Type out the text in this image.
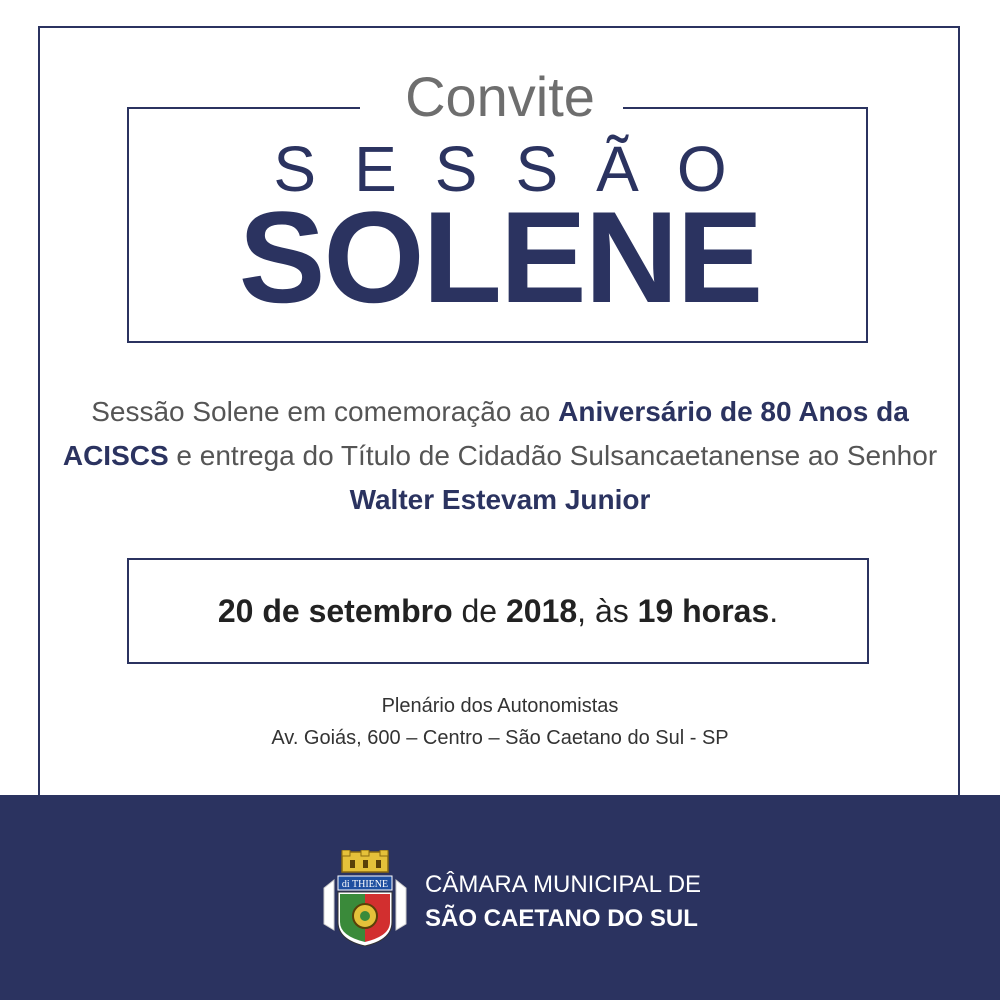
Convite
SESSÃO
SOLENE
Sessão Solene em comemoração ao Aniversário de 80 Anos da ACISCS e entrega do Título de Cidadão Sulsancaetanense ao Senhor Walter Estevam Junior
20 de setembro de 2018, às 19 horas.
Plenário dos Autonomistas
Av. Goiás, 600 – Centro – São Caetano do Sul - SP
di THIENE CÂMARA MUNICIPAL DE
SÃO CAETANO DO SUL
